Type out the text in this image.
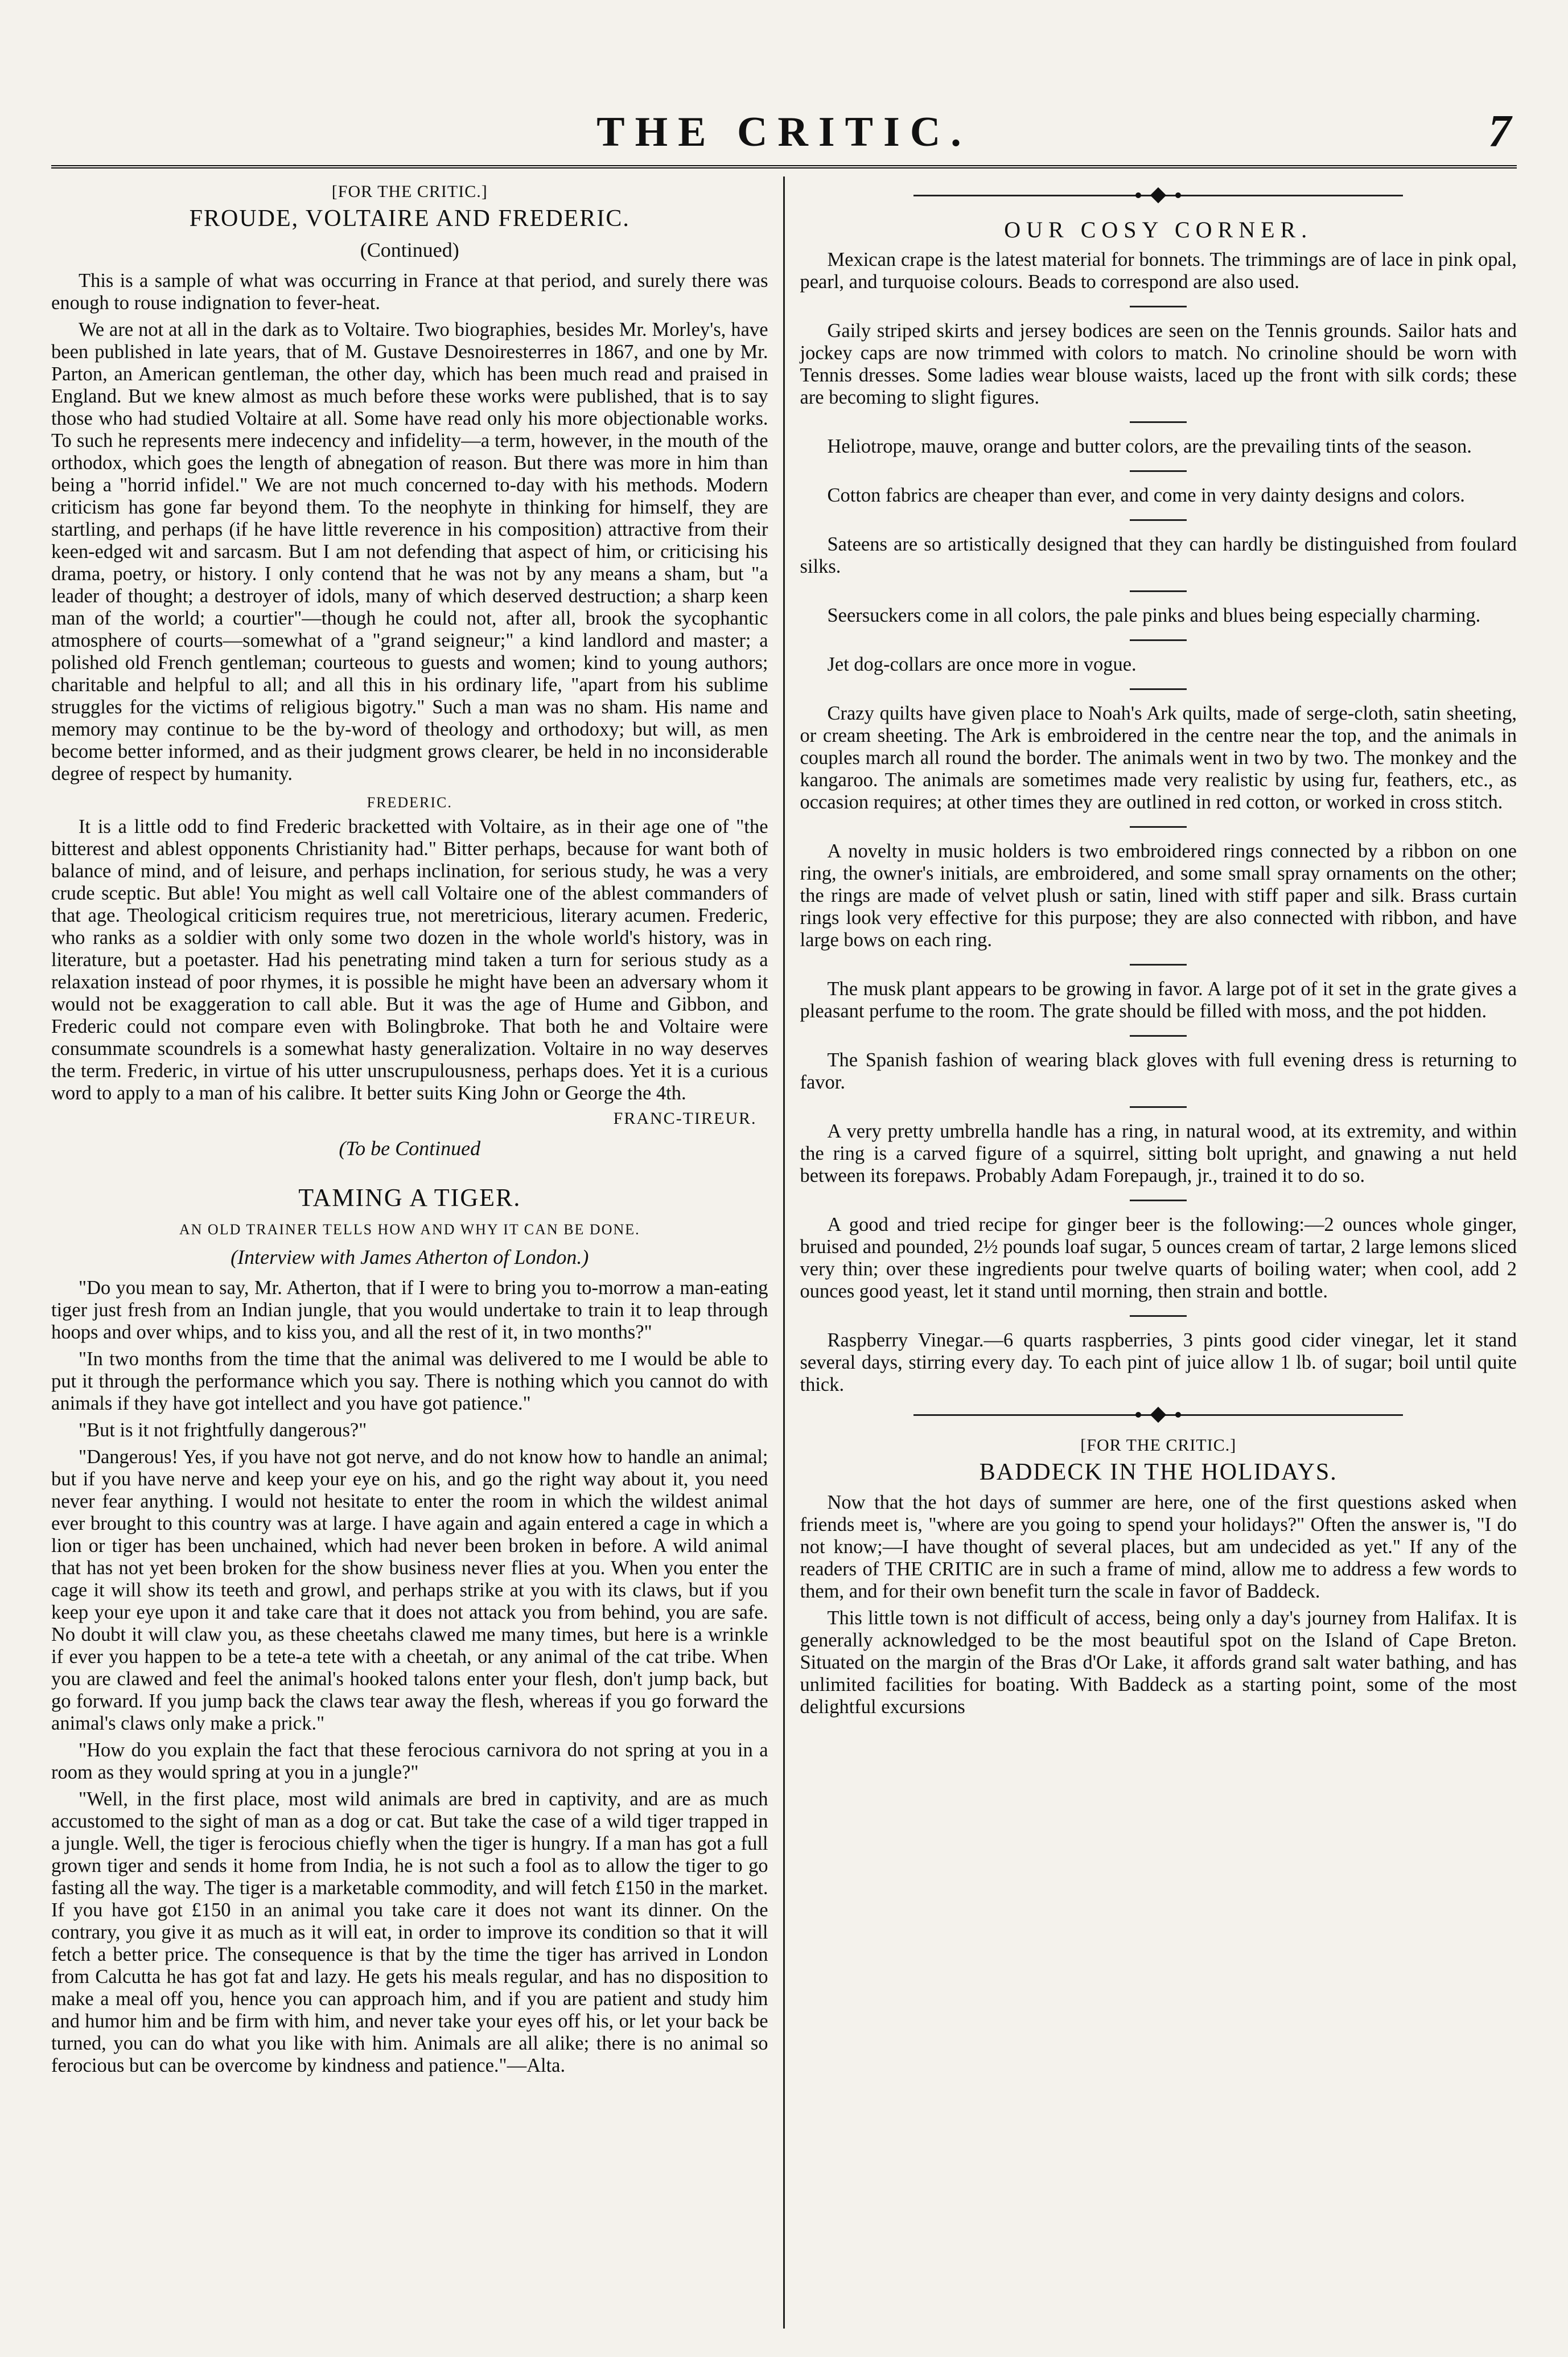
THE CRITIC.	7
[FOR THE CRITIC.]
FROUDE, VOLTAIRE AND FREDERIC.
(Continued)

This is a sample of what was occurring in France at that period, and surely there was enough to rouse indignation to fever-heat.

We are not at all in the dark as to Voltaire. Two biographies, besides Mr. Morley's, have been published in late years, that of M. Gustave Desnoiresterres in 1867, and one by Mr. Parton, an American gentleman, the other day, which has been much read and praised in England. But we knew almost as much before these works were published, that is to say those who had studied Voltaire at all. Some have read only his more objectionable works. To such he represents mere indecency and infidelity—a term, however, in the mouth of the orthodox, which goes the length of abnegation of reason. But there was more in him than being a "horrid infidel." We are not much concerned to-day with his methods. Modern criticism has gone far beyond them. To the neophyte in thinking for himself, they are startling, and perhaps (if he have little reverence in his composition) attractive from their keen-edged wit and sarcasm. But I am not defending that aspect of him, or criticising his drama, poetry, or history. I only contend that he was not by any means a sham, but "a leader of thought; a destroyer of idols, many of which deserved destruction; a sharp keen man of the world; a courtier"—though he could not, after all, brook the sycophantic atmosphere of courts—somewhat of a "grand seigneur;" a kind landlord and master; a polished old French gentleman; courteous to guests and women; kind to young authors; charitable and helpful to all; and all this in his ordinary life, "apart from his sublime struggles for the victims of religious bigotry." Such a man was no sham. His name and memory may continue to be the by-word of theology and orthodoxy; but will, as men become better informed, and as their judgment grows clearer, be held in no inconsiderable degree of respect by humanity.

FREDERIC.

It is a little odd to find Frederic bracketted with Voltaire, as in their age one of "the bitterest and ablest opponents Christianity had." Bitter perhaps, because for want both of balance of mind, and of leisure, and perhaps inclination, for serious study, he was a very crude sceptic. But able! You might as well call Voltaire one of the ablest commanders of that age. Theological criticism requires true, not meretricious, literary acumen. Frederic, who ranks as a soldier with only some two dozen in the whole world's history, was in literature, but a poetaster. Had his penetrating mind taken a turn for serious study as a relaxation instead of poor rhymes, it is possible he might have been an adversary whom it would not be exaggeration to call able. But it was the age of Hume and Gibbon, and Frederic could not compare even with Bolingbroke. That both he and Voltaire were consummate scoundrels is a somewhat hasty generalization. Voltaire in no way deserves the term. Frederic, in virtue of his utter unscrupulousness, perhaps does. Yet it is a curious word to apply to a man of his calibre. It better suits King John or George the 4th.

FRANC-TIREUR.
(To be Continued
TAMING A TIGER.
AN OLD TRAINER TELLS HOW AND WHY IT CAN BE DONE.
(Interview with James Atherton of London.)

"Do you mean to say, Mr. Atherton, that if I were to bring you to-morrow a man-eating tiger just fresh from an Indian jungle, that you would undertake to train it to leap through hoops and over whips, and to kiss you, and all the rest of it, in two months?"

"In two months from the time that the animal was delivered to me I would be able to put it through the performance which you say. There is nothing which you cannot do with animals if they have got intellect and you have got patience."

"But is it not frightfully dangerous?"

"Dangerous! Yes, if you have not got nerve, and do not know how to handle an animal; but if you have nerve and keep your eye on his, and go the right way about it, you need never fear anything. I would not hesitate to enter the room in which the wildest animal ever brought to this country was at large. I have again and again entered a cage in which a lion or tiger has been unchained, which had never been broken in before. A wild animal that has not yet been broken for the show business never flies at you. When you enter the cage it will show its teeth and growl, and perhaps strike at you with its claws, but if you keep your eye upon it and take care that it does not attack you from behind, you are safe. No doubt it will claw you, as these cheetahs clawed me many times, but here is a wrinkle if ever you happen to be a tete-a tete with a cheetah, or any animal of the cat tribe. When you are clawed and feel the animal's hooked talons enter your flesh, don't jump back, but go forward. If you jump back the claws tear away the flesh, whereas if you go forward the animal's claws only make a prick."

"How do you explain the fact that these ferocious carnivora do not spring at you in a room as they would spring at you in a jungle?"

"Well, in the first place, most wild animals are bred in captivity, and are as much accustomed to the sight of man as a dog or cat. But take the case of a wild tiger trapped in a jungle. Well, the tiger is ferocious chiefly when the tiger is hungry. If a man has got a full grown tiger and sends it home from India, he is not such a fool as to allow the tiger to go fasting all the way. The tiger is a marketable commodity, and will fetch £150 in the market. If you have got £150 in an animal you take care it does not want its dinner. On the contrary, you give it as much as it will eat, in order to improve its condition so that it will fetch a better price. The consequence is that by the time the tiger has arrived in London from Calcutta he has got fat and lazy. He gets his meals regular, and has no disposition to make a meal off you, hence you can approach him, and if you are patient and study him and humor him and be firm with him, and never take your eyes off his, or let your back be turned, you can do what you like with him. Animals are all alike; there is no animal so ferocious but can be overcome by kindness and patience."—Alta.

OUR COSY CORNER.

Mexican crape is the latest material for bonnets. The trimmings are of lace in pink opal, pearl, and turquoise colours. Beads to correspond are also used.

Gaily striped skirts and jersey bodices are seen on the Tennis grounds. Sailor hats and jockey caps are now trimmed with colors to match. No crinoline should be worn with Tennis dresses. Some ladies wear blouse waists, laced up the front with silk cords; these are becoming to slight figures.

Heliotrope, mauve, orange and butter colors, are the prevailing tints of the season.

Cotton fabrics are cheaper than ever, and come in very dainty designs and colors.

Sateens are so artistically designed that they can hardly be distinguished from foulard silks.

Seersuckers come in all colors, the pale pinks and blues being especially charming.

Jet dog-collars are once more in vogue.

Crazy quilts have given place to Noah's Ark quilts, made of serge-cloth, satin sheeting, or cream sheeting. The Ark is embroidered in the centre near the top, and the animals in couples march all round the border. The animals went in two by two. The monkey and the kangaroo. The animals are sometimes made very realistic by using fur, feathers, etc., as occasion requires; at other times they are outlined in red cotton, or worked in cross stitch.

A novelty in music holders is two embroidered rings connected by a ribbon on one ring, the owner's initials, are embroidered, and some small spray ornaments on the other; the rings are made of velvet plush or satin, lined with stiff paper and silk. Brass curtain rings look very effective for this purpose; they are also connected with ribbon, and have large bows on each ring.

The musk plant appears to be growing in favor. A large pot of it set in the grate gives a pleasant perfume to the room. The grate should be filled with moss, and the pot hidden.

The Spanish fashion of wearing black gloves with full evening dress is returning to favor.

A very pretty umbrella handle has a ring, in natural wood, at its extremity, and within the ring is a carved figure of a squirrel, sitting bolt upright, and gnawing a nut held between its forepaws. Probably Adam Forepaugh, jr., trained it to do so.

A good and tried recipe for ginger beer is the following:—2 ounces whole ginger, bruised and pounded, 2½ pounds loaf sugar, 5 ounces cream of tartar, 2 large lemons sliced very thin; over these ingredients pour twelve quarts of boiling water; when cool, add 2 ounces good yeast, let it stand until morning, then strain and bottle.

Raspberry Vinegar.—6 quarts raspberries, 3 pints good cider vinegar, let it stand several days, stirring every day. To each pint of juice allow 1 lb. of sugar; boil until quite thick.

[FOR THE CRITIC.]
BADDECK IN THE HOLIDAYS.

Now that the hot days of summer are here, one of the first questions asked when friends meet is, "where are you going to spend your holidays?" Often the answer is, "I do not know;—I have thought of several places, but am undecided as yet." If any of the readers of THE CRITIC are in such a frame of mind, allow me to address a few words to them, and for their own benefit turn the scale in favor of Baddeck.

This little town is not difficult of access, being only a day's journey from Halifax. It is generally acknowledged to be the most beautiful spot on the Island of Cape Breton. Situated on the margin of the Bras d'Or Lake, it affords grand salt water bathing, and has unlimited facilities for boating. With Baddeck as a starting point, some of the most delightful excursions
